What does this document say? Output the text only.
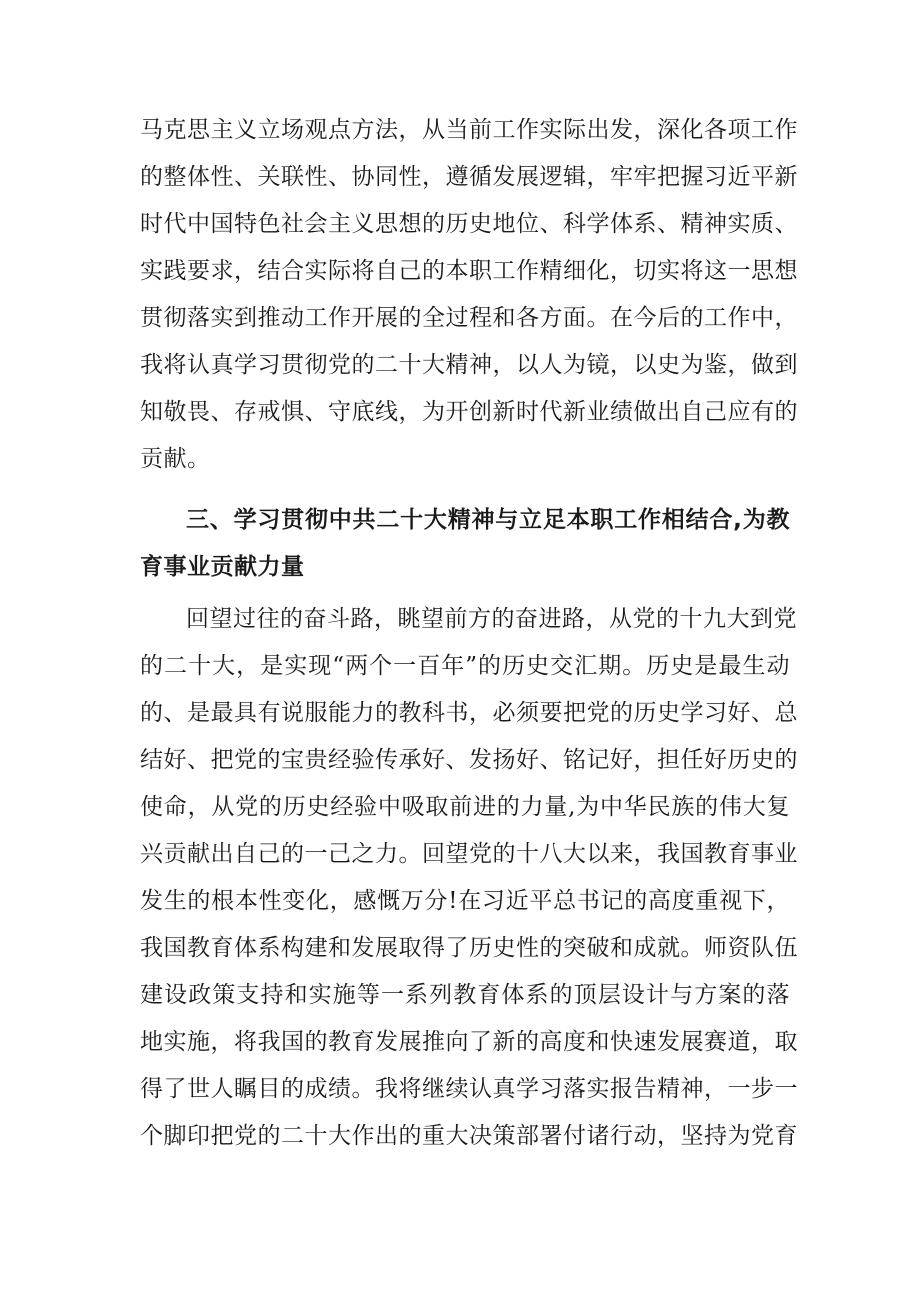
马克思主义立场观点方法，从当前工作实际出发，深化各项工作
的整体性、关联性、协同性，遵循发展逻辑，牢牢把握习近平新
时代中国特色社会主义思想的历史地位、科学体系、精神实质、
实践要求，结合实际将自己的本职工作精细化，切实将这一思想
贯彻落实到推动工作开展的全过程和各方面。在今后的工作中，
我将认真学习贯彻党的二十大精神，以人为镜，以史为鉴，做到
知敬畏、存戒惧、守底线，为开创新时代新业绩做出自己应有的
贡献。
三、学习贯彻中共二十大精神与立足本职工作相结合,为教
育事业贡献力量
回望过往的奋斗路，眺望前方的奋进路，从党的十九大到党
的二十大，是实现“两个一百年”的历史交汇期。历史是最生动
的、是最具有说服能力的教科书，必须要把党的历史学习好、总
结好、把党的宝贵经验传承好、发扬好、铭记好，担任好历史的
使命，从党的历史经验中吸取前进的力量,为中华民族的伟大复
兴贡献出自己的一己之力。回望党的十八大以来，我国教育事业
发生的根本性变化，感慨万分!在习近平总书记的高度重视下，
我国教育体系构建和发展取得了历史性的突破和成就。师资队伍
建设政策支持和实施等一系列教育体系的顶层设计与方案的落
地实施，将我国的教育发展推向了新的高度和快速发展赛道，取
得了世人瞩目的成绩。我将继续认真学习落实报告精神，一步一
个脚印把党的二十大作出的重大决策部署付诸行动，坚持为党育
